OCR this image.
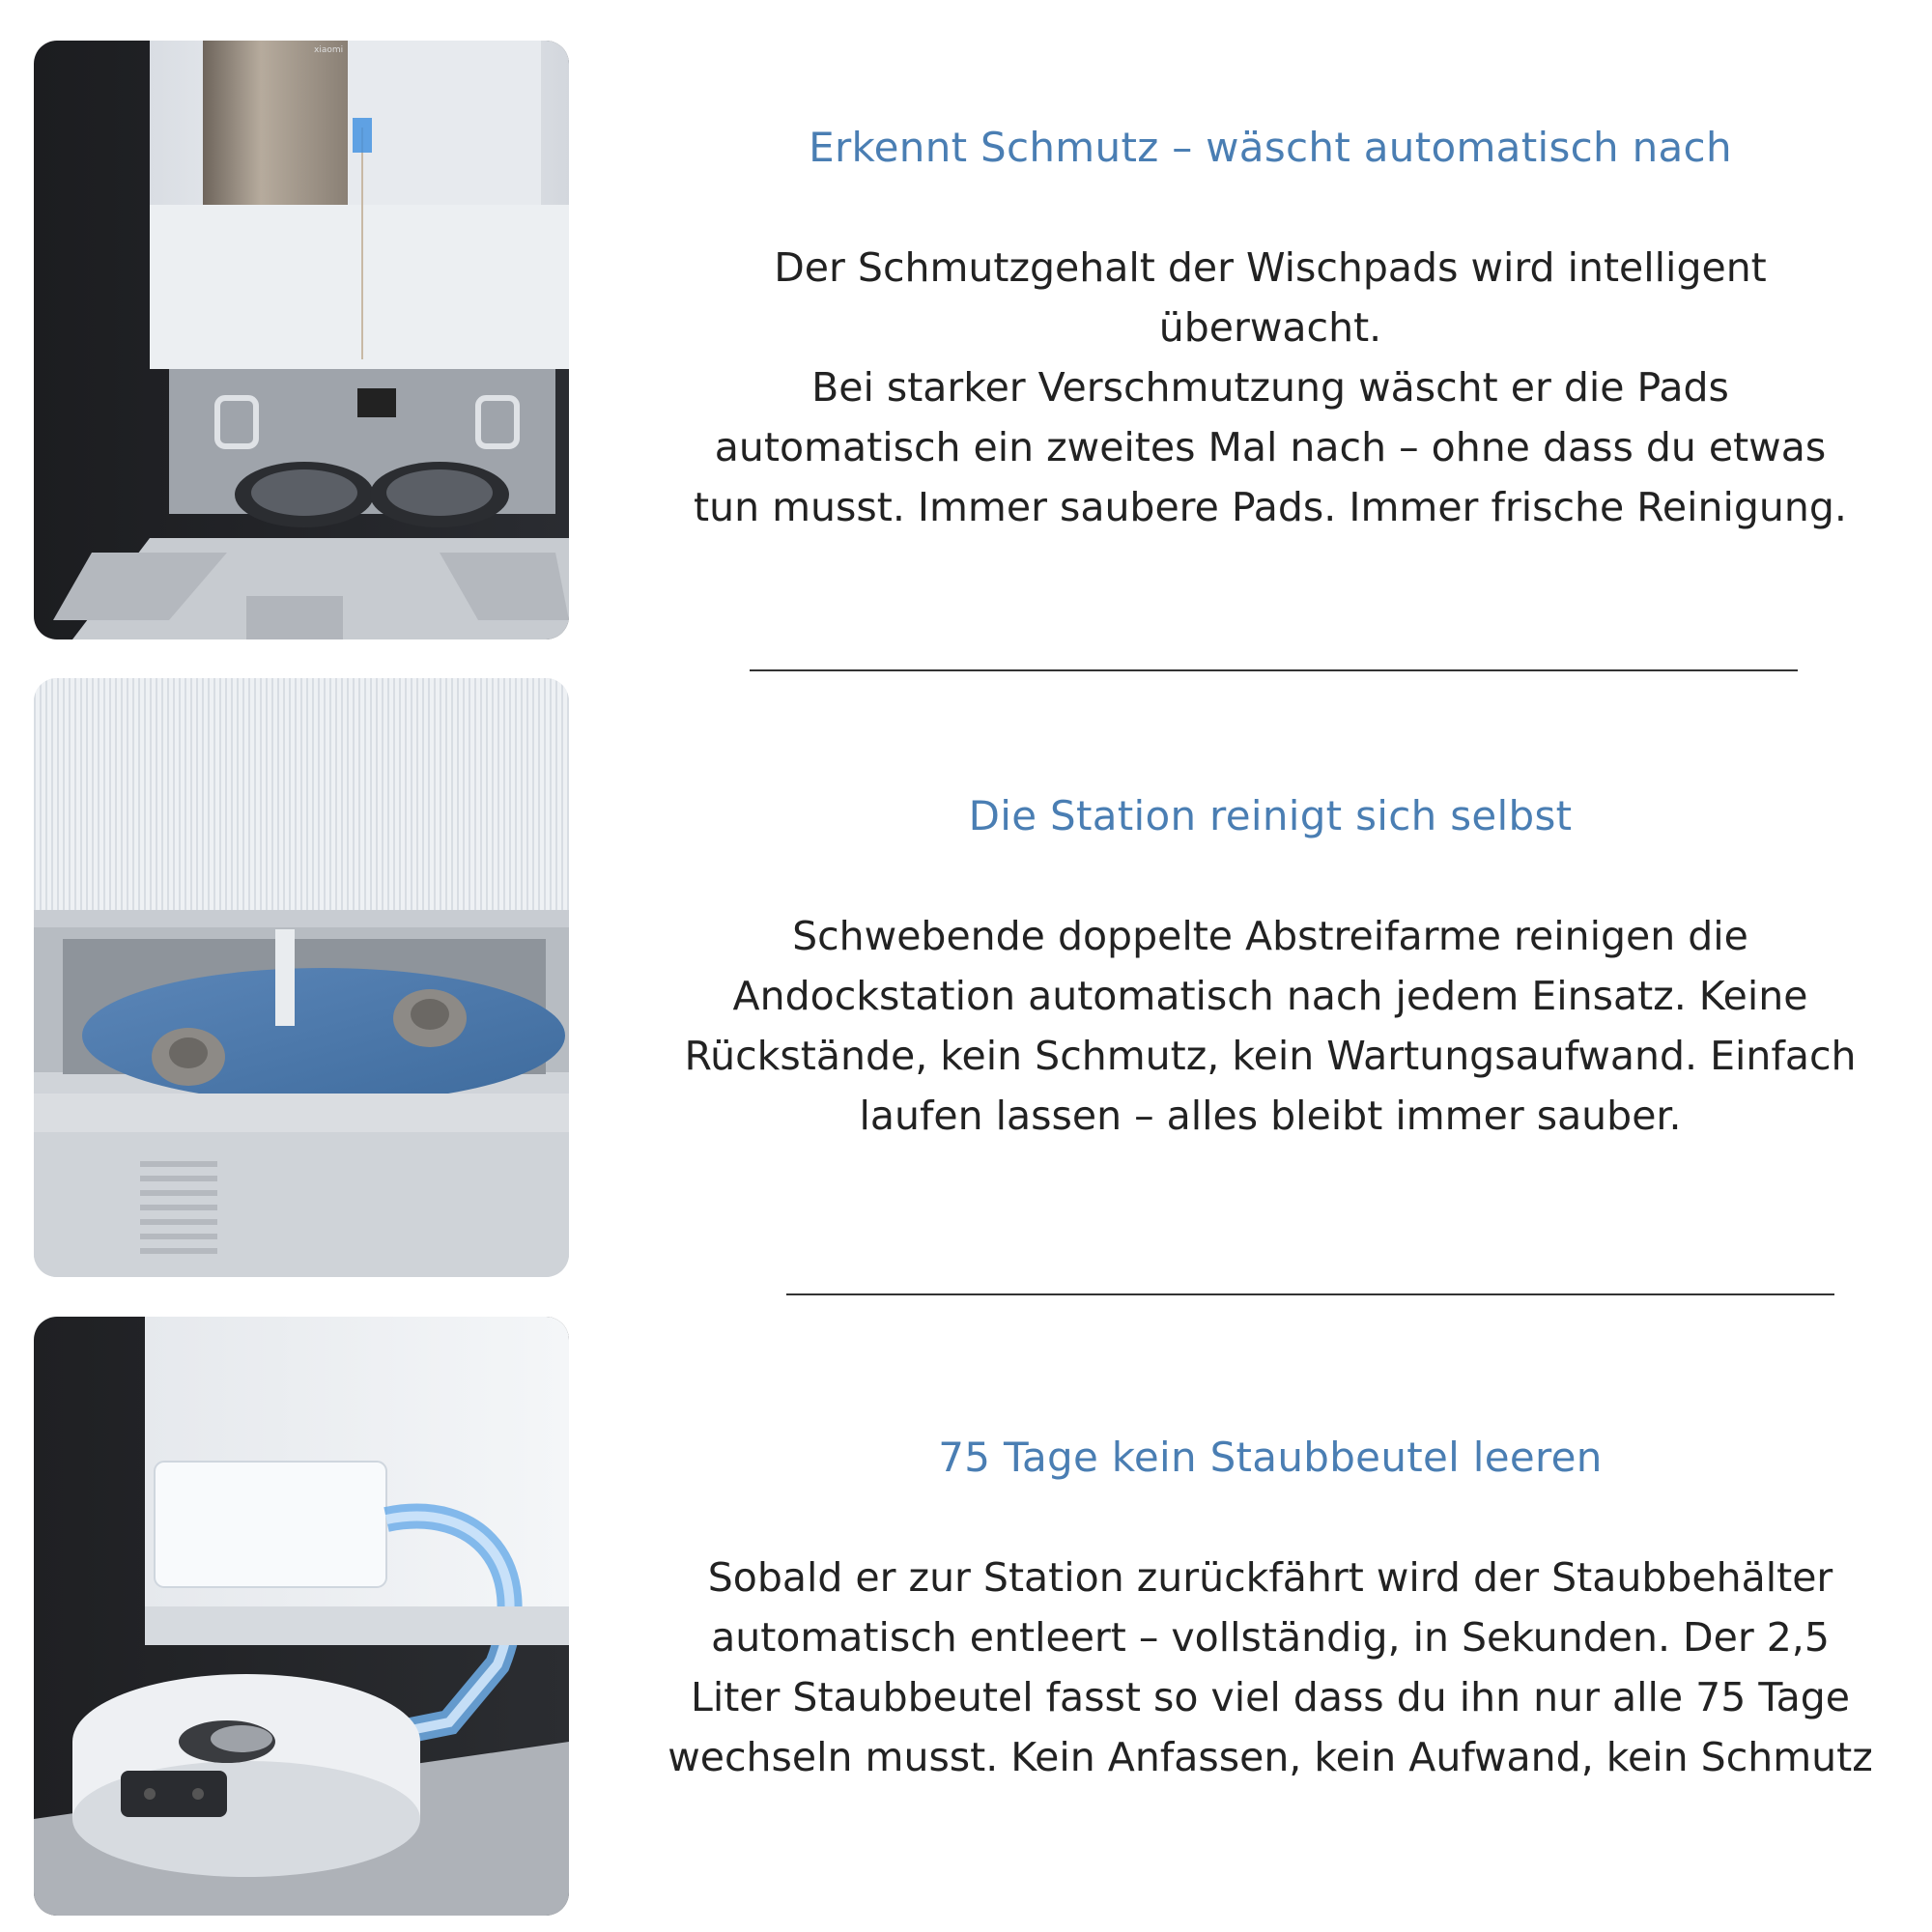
xiaomi
Erkennt Schmutz – wäscht automatisch nach

Der Schmutzgehalt der Wischpads wird intelligent
überwacht.
Bei starker Verschmutzung wäscht er die Pads
automatisch ein zweites Mal nach – ohne dass du etwas
tun musst. Immer saubere Pads. Immer frische Reinigung.

Die Station reinigt sich selbst

Schwebende doppelte Abstreifarme reinigen die
Andockstation automatisch nach jedem Einsatz. Keine
Rückstände, kein Schmutz, kein Wartungsaufwand. Einfach
laufen lassen – alles bleibt immer sauber.

75 Tage kein Staubbeutel leeren

Sobald er zur Station zurückfährt wird der Staubbehälter
automatisch entleert – vollständig, in Sekunden. Der 2,5
Liter Staubbeutel fasst so viel dass du ihn nur alle 75 Tage
wechseln musst. Kein Anfassen, kein Aufwand, kein Schmutz
